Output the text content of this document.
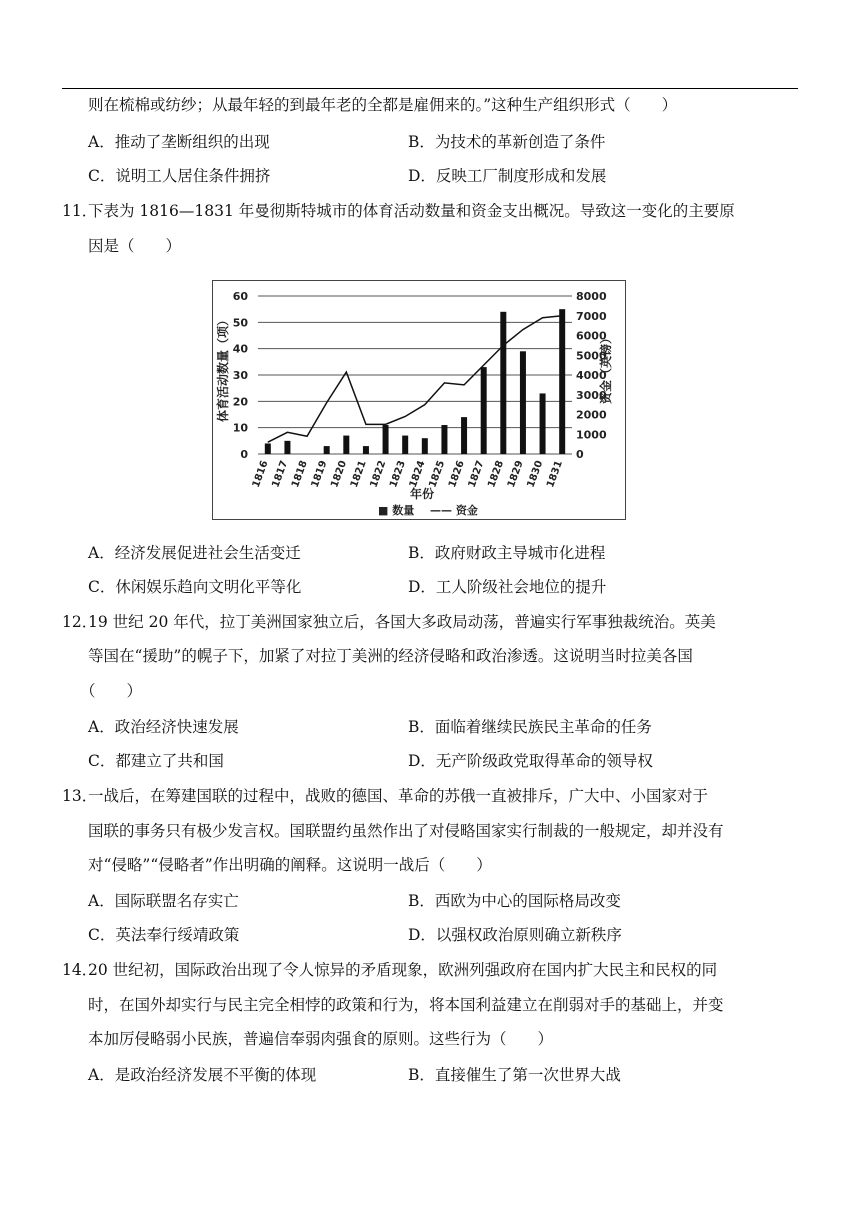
则在梳棉或纺纱；从最年轻的到最年老的全都是雇佣来的。”这种生产组织形式（　　）
A．推动了垄断组织的出现	B．为技术的革新创造了条件
C．说明工人居住条件拥挤	D．反映工厂制度形成和发展
11．
下表为 1816—1831 年曼彻斯特城市的体育活动数量和资金支出概况。导致这一变化的主要原
因是（　　）
0
10
20
30
40
50
60
0
1000
2000
3000
4000
5000
6000
7000
8000
1816 1817 1818 1819 1820 1821 1822 1823 1824 1825 1826 1827 1828 1829 1830 1831
体育活动数量（项）	资金（英镑）
年份
■ 数量 —— 资金
A．经济发展促进社会生活变迁	B．政府财政主导城市化进程
C．休闲娱乐趋向文明化平等化	D．工人阶级社会地位的提升
12．
19 世纪 20 年代，拉丁美洲国家独立后，各国大多政局动荡，普遍实行军事独裁统治。英美
等国在“援助”的幌子下，加紧了对拉丁美洲的经济侵略和政治渗透。这说明当时拉美各国
（　　）
A．政治经济快速发展	B．面临着继续民族民主革命的任务
C．都建立了共和国	D．无产阶级政党取得革命的领导权
13．
一战后，在筹建国联的过程中，战败的德国、革命的苏俄一直被排斥，广大中、小国家对于
国联的事务只有极少发言权。国联盟约虽然作出了对侵略国家实行制裁的一般规定，却并没有
对“侵略”“侵略者”作出明确的阐释。这说明一战后（　　）
A．国际联盟名存实亡	B．西欧为中心的国际格局改变
C．英法奉行绥靖政策	D．以强权政治原则确立新秩序
14．
20 世纪初，国际政治出现了令人惊异的矛盾现象，欧洲列强政府在国内扩大民主和民权的同
时，在国外却实行与民主完全相悖的政策和行为，将本国利益建立在削弱对手的基础上，并变
本加厉侵略弱小民族，普遍信奉弱肉强食的原则。这些行为（　　）
A．是政治经济发展不平衡的体现	B．直接催生了第一次世界大战
